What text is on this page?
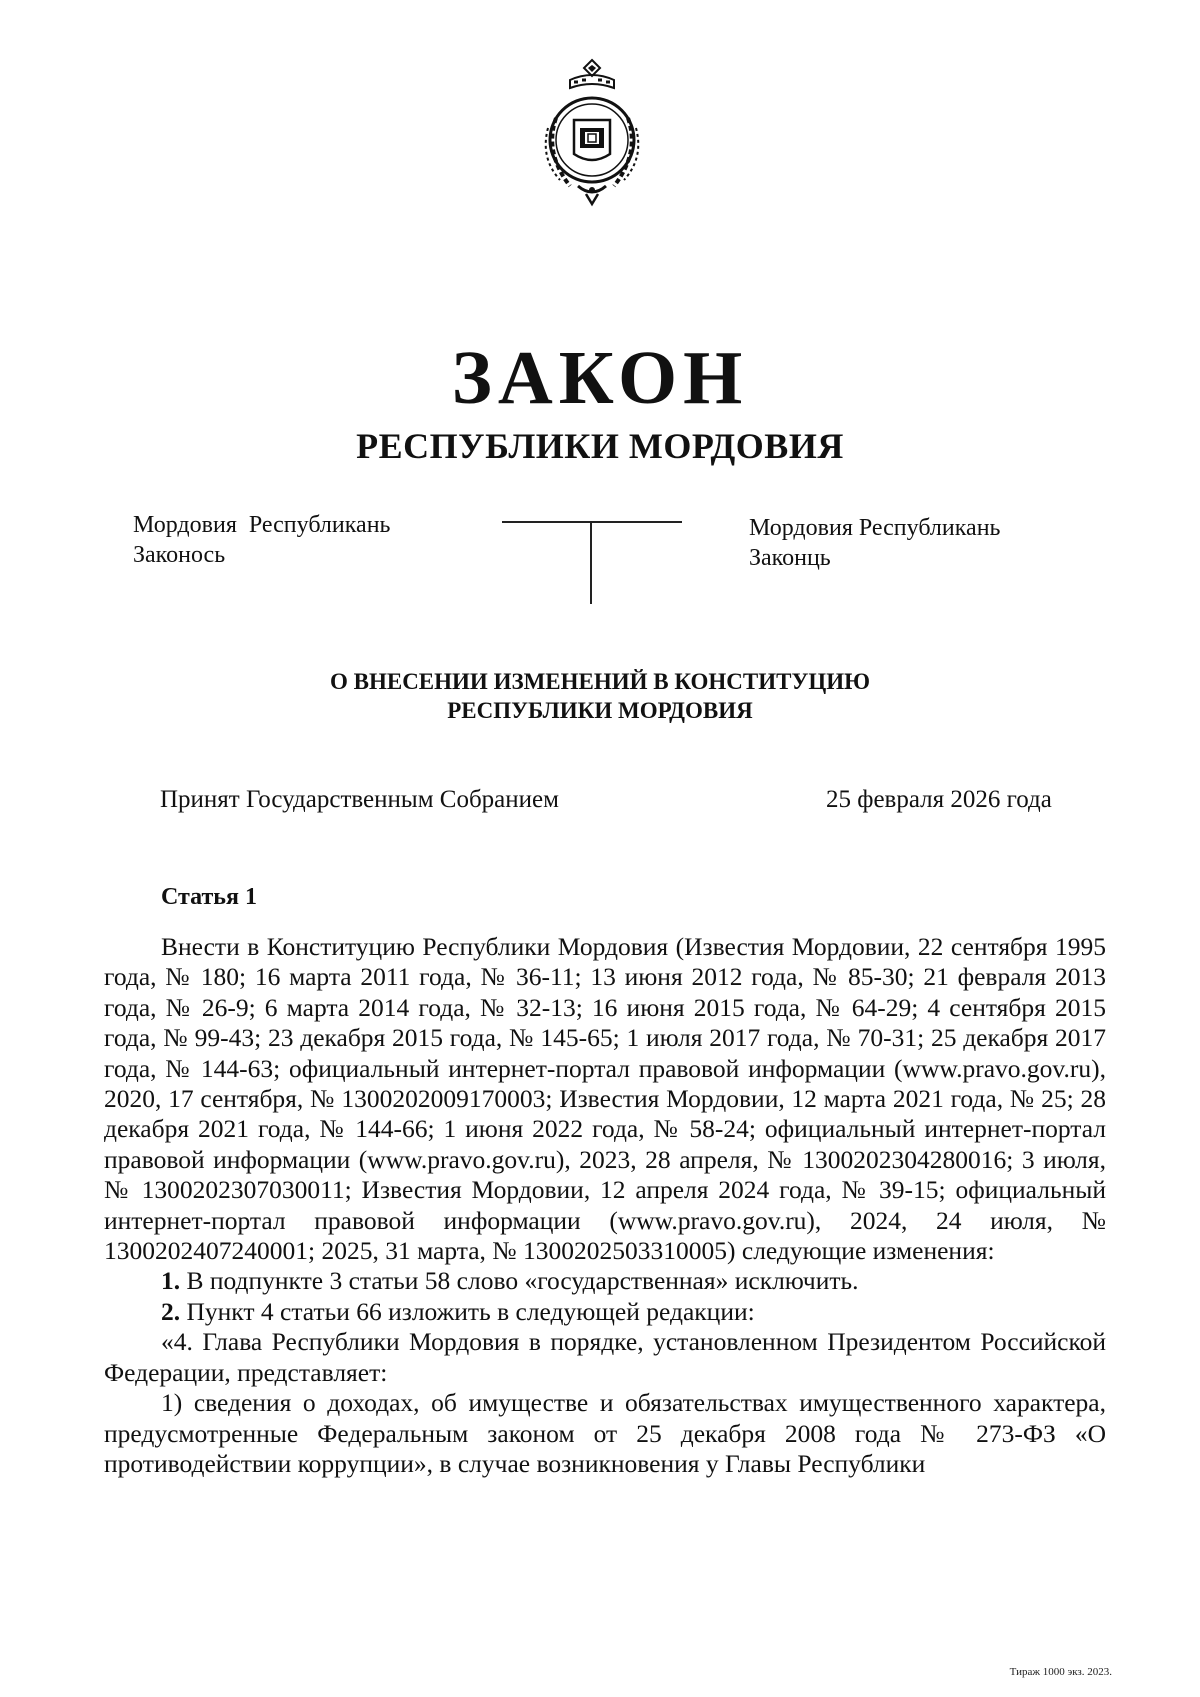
ЗАКОН
РЕСПУБЛИКИ МОРДОВИЯ
Мордовия  Республикань
Законось
Мордовия Республикань
Законць
О ВНЕСЕНИИ ИЗМЕНЕНИЙ В КОНСТИТУЦИЮ
РЕСПУБЛИКИ МОРДОВИЯ
Принят Государственным Собранием	25 февраля 2026 года
Статья 1

Внести в Конституцию Республики Мордовия (Известия Мордовии, 22 сентября 1995 года, № 180; 16 марта 2011 года, № 36-11; 13 июня 2012 года, № 85-30; 21 февраля 2013 года, № 26-9; 6 марта 2014 года, № 32-13; 16 июня 2015 года, № 64-29; 4 сентября 2015 года, № 99-43; 23 декабря 2015 года, № 145-65; 1 июля 2017 года, № 70-31; 25 декабря 2017 года, № 144-63; официальный интернет-портал правовой информации (www.pravo.gov.ru), 2020, 17 сентября, № 1300202009170003; Известия Мордовии, 12 марта 2021 года, № 25; 28 декабря 2021 года, № 144-66; 1 июня 2022 года, № 58-24; официальный интернет-портал правовой информации (www.pravo.gov.ru), 2023, 28 апреля, № 1300202304280016; 3 июля, № 1300202307030011; Известия Мордовии, 12 апреля 2024 года, № 39-15; официальный интернет-портал правовой информации (www.pravo.gov.ru), 2024, 24 июля, № 1300202407240001; 2025, 31 марта, № 1300202503310005) следующие изменения:

1. В подпункте 3 статьи 58 слово «государственная» исключить.

2. Пункт 4 статьи 66 изложить в следующей редакции:

«4. Глава Республики Мордовия в порядке, установленном Президентом Российской Федерации, представляет:

1) сведения о доходах, об имуществе и обязательствах имущественного характера, предусмотренные Федеральным законом от 25 декабря 2008 года № 273-ФЗ «О противодействии коррупции», в случае возникновения у Главы Республики

Тираж 1000 экз. 2023.
